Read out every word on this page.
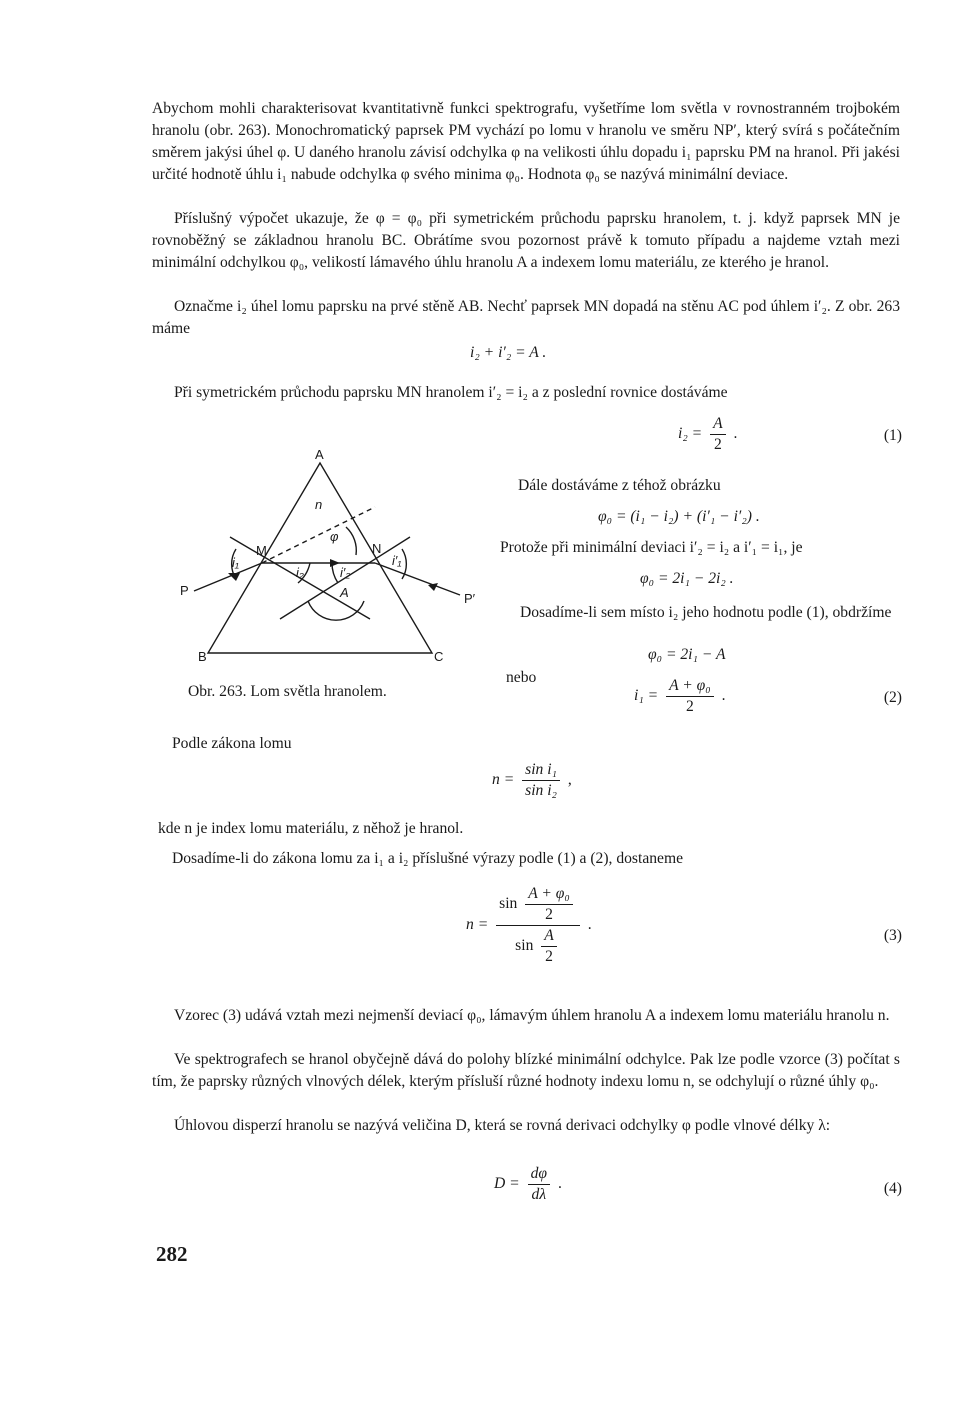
Abychom mohli charakterisovat kvantitativně funkci spektrografu, vyšetříme lom světla v rovnostranném trojbokém hranolu (obr. 263). Monochromatický paprsek PM vychází po lomu v hranolu ve směru NP′, který svírá s počátečním směrem jakýsi úhel φ. U daného hranolu závisí odchylka φ na velikosti úhlu dopadu i₁ paprsku PM na hranol. Při jakési určité hodnotě úhlu i₁ nabude odchylka φ svého minima φ₀. Hodnota φ₀ se nazývá minimální deviace.
Příslušný výpočet ukazuje, že φ = φ₀ při symetrickém průchodu paprsku hranolem, t. j. když paprsek MN je rovnoběžný se základnou hranolu BC. Obrátíme svou pozornost právě k tomuto případu a najdeme vztah mezi minimální odchylkou φ₀, velikostí lámavého úhlu hranolu A a indexem lomu materiálu, ze kterého je hranol.
Označme i₂ úhel lomu paprsku na prvé stěně AB. Nechť paprsek MN dopadá na stěnu AC pod úhlem i′₂. Z obr. 263 máme
i₂ + i′₂ = A .
Při symetrickém průchodu paprsku MN hranolem i′₂ = i₂ a z poslední rovnice dostáváme
$i_2 = \frac{A}{2}$ .	(1)
A
B	C
M	N
P
P′
n
φ
i₁
i₂	i′₂
i′₁
A
Obr. 263. Lom světla hranolem.
Dále dostáváme z téhož obrázku
φ₀ = (i₁ − i₂) + (i′₁ − i′₂) .
Protože při minimální deviaci i′₂ = i₂ a i′₁ = i₁, je
φ₀ = 2i₁ − 2i₂ .
Dosadíme-li sem místo i₂ jeho hodnotu podle (1), obdržíme
φ₀ = 2i₁ − A
nebo
$i_1 = \frac{\text{A + φ₀}}{2}$ .	(2)
Podle zákona lomu
$n = \frac{\text{sin i₁}}{\text{sin i₂}}$ ,
kde n je index lomu materiálu, z něhož je hranol.
Dosadíme-li do zákona lomu za i₁ a i₂ příslušné výrazy podle (1) a (2), dostaneme
$n = \frac{\sin \frac{\text{A + φ₀}}{2}}{\sin \frac{A}{2}}$ .
(3)
Vzorec (3) udává vztah mezi nejmenší deviací φ₀, lámavým úhlem hranolu A a indexem lomu materiálu hranolu n.
Ve spektrografech se hranol obyčejně dává do polohy blízké minimální odchylce. Pak lze podle vzorce (3) počítat s tím, že paprsky různých vlnových délek, kterým přísluší různé hodnoty indexu lomu n, se odchylují o různé úhly φ₀.
Úhlovou disperzí hranolu se nazývá veličina D, která se rovná derivaci odchylky φ podle vlnové délky λ:
$D = \frac{d\varphi}{d\lambda}$ .	(4)
282
